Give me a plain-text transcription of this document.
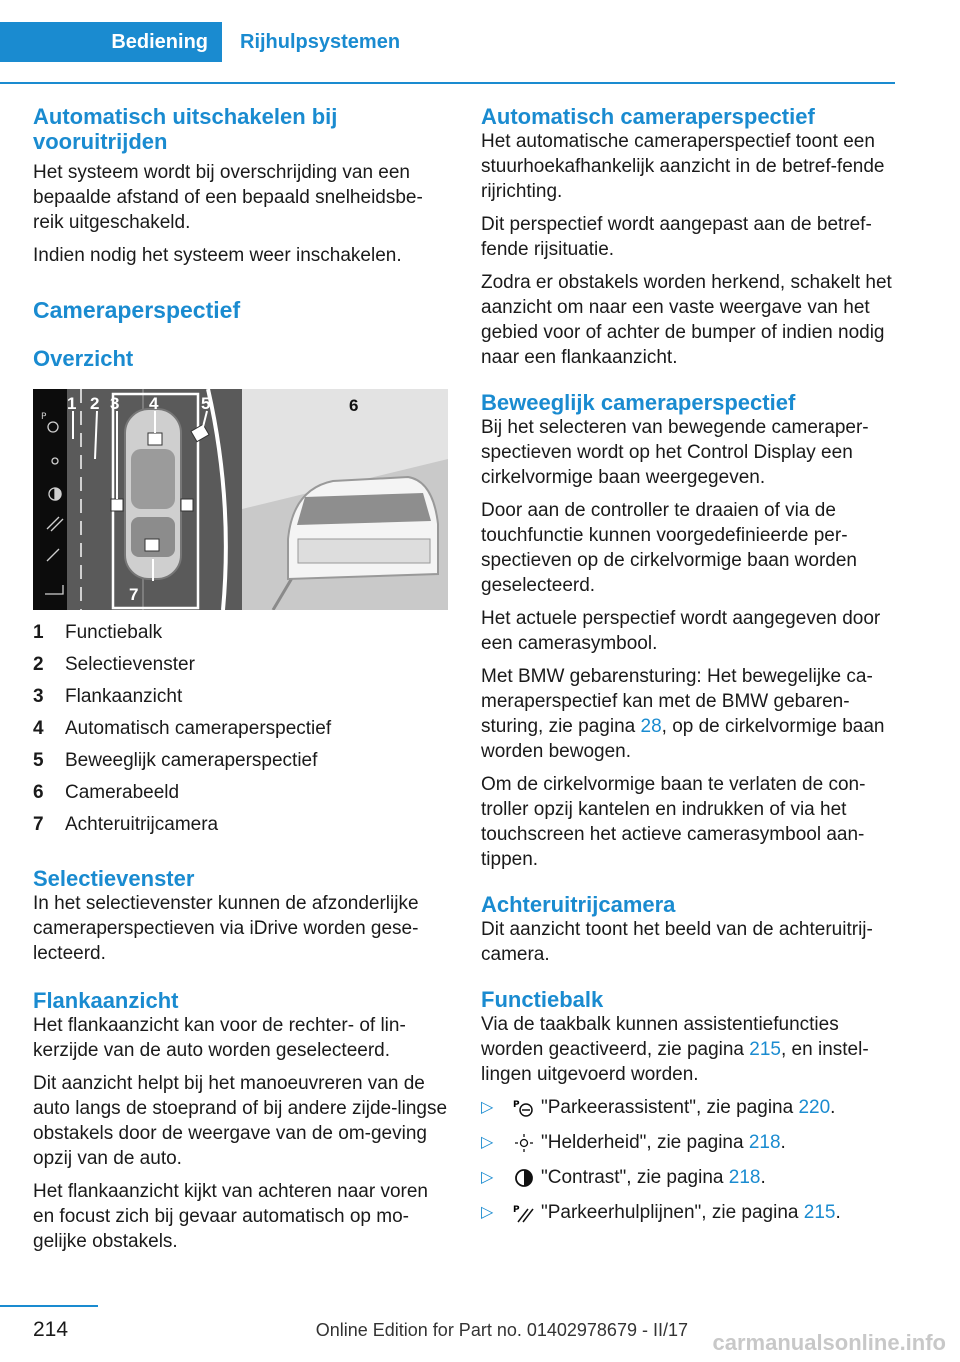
Bediening	Rijhulpsystemen
Automatisch uitschakelen bij
vooruitrijden

Het systeem wordt bij overschrijding van een bepaalde afstand of een bepaald snelheidsbe-reik uitgeschakeld.

Indien nodig het systeem weer inschakelen.

Cameraperspectief
Overzicht
P
1 2 3 4	5
7
6
1	Functiebalk
2	Selectievenster
3	Flankaanzicht
4	Automatisch cameraperspectief
5	Beweeglijk cameraperspectief
6	Camerabeeld
7	Achteruitrijcamera
Selectievenster

In het selectievenster kunnen de afzonderlijke cameraperspectieven via iDrive worden gese-lecteerd.

Flankaanzicht

Het flankaanzicht kan voor de rechter- of lin-kerzijde van de auto worden geselecteerd.

Dit aanzicht helpt bij het manoeuvreren van de auto langs de stoeprand of bij andere zijde-lingse obstakels door de weergave van de om-geving opzij van de auto.

Het flankaanzicht kijkt van achteren naar voren en focust zich bij gevaar automatisch op mo-gelijke obstakels.

Automatisch cameraperspectief

Het automatische cameraperspectief toont een stuurhoekafhankelijk aanzicht in de betref-fende rijrichting.

Dit perspectief wordt aangepast aan de betref-fende rijsituatie.

Zodra er obstakels worden herkend, schakelt het aanzicht om naar een vaste weergave van het gebied voor of achter de bumper of indien nodig naar een flankaanzicht.

Beweeglijk cameraperspectief

Bij het selecteren van bewegende cameraper-spectieven wordt op het Control Display een cirkelvormige baan weergegeven.

Door aan de controller te draaien of via de touchfunctie kunnen voorgedefinieerde per-spectieven op de cirkelvormige baan worden geselecteerd.

Het actuele perspectief wordt aangegeven door een camerasymbool.

Met BMW gebarensturing: Het bewegelijke ca-meraperspectief kan met de BMW gebaren-sturing, zie pagina 28, op de cirkelvormige baan worden bewogen.

Om de cirkelvormige baan te verlaten de con-troller opzij kantelen en indrukken of via het touchscreen het actieve camerasymbool aan-tippen.

Achteruitrijcamera

Dit aanzicht toont het beeld van de achteruitrij-camera.

Functiebalk

Via de taakbalk kunnen assistentiefuncties worden geactiveerd, zie pagina 215, en instel-lingen uitgevoerd worden.

▷	P "Parkeerassistent", zie pagina
220 .
▷	"Helderheid", zie pagina
218 .
▷	"Contrast", zie pagina
218 .
▷	P "Parkeerhulplijnen", zie pagina
215 .
214	Online Edition for Part no. 01402978679 - II/17 carmanualsonline.info
